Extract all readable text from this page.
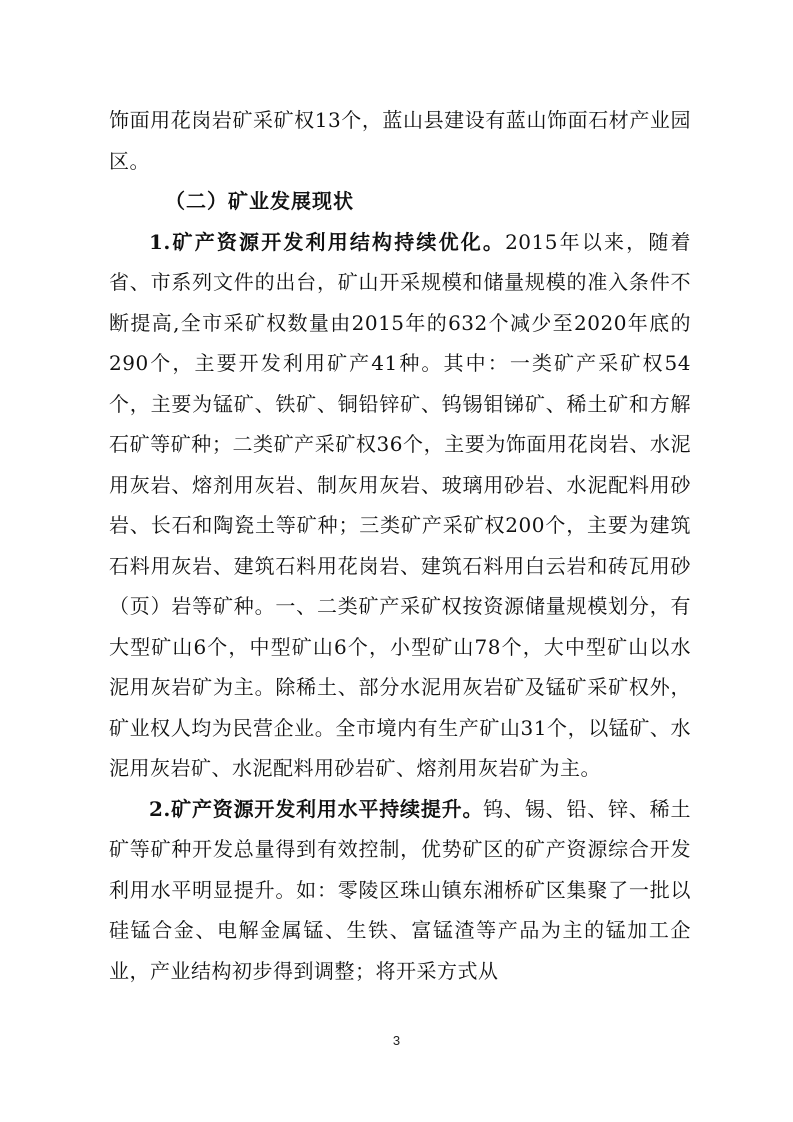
饰面用花岗岩矿采矿权13个，蓝山县建设有蓝山饰面石材产业园区。

（二）矿业发展现状

1.矿产资源开发利用结构持续优化。2015年以来，随着省、市系列文件的出台，矿山开采规模和储量规模的准入条件不断提高,全市采矿权数量由2015年的632个减少至2020年底的290个，主要开发利用矿产41种。其中：一类矿产采矿权54个，主要为锰矿、铁矿、铜铅锌矿、钨锡钼锑矿、稀土矿和方解石矿等矿种；二类矿产采矿权36个，主要为饰面用花岗岩、水泥用灰岩、熔剂用灰岩、制灰用灰岩、玻璃用砂岩、水泥配料用砂岩、长石和陶瓷土等矿种；三类矿产采矿权200个，主要为建筑石料用灰岩、建筑石料用花岗岩、建筑石料用白云岩和砖瓦用砂（页）岩等矿种。一、二类矿产采矿权按资源储量规模划分，有大型矿山6个，中型矿山6个，小型矿山78个，大中型矿山以水泥用灰岩矿为主。除稀土、部分水泥用灰岩矿及锰矿采矿权外，矿业权人均为民营企业。全市境内有生产矿山31个，以锰矿、水泥用灰岩矿、水泥配料用砂岩矿、熔剂用灰岩矿为主。

2.矿产资源开发利用水平持续提升。钨、锡、铅、锌、稀土矿等矿种开发总量得到有效控制，优势矿区的矿产资源综合开发利用水平明显提升。如：零陵区珠山镇东湘桥矿区集聚了一批以硅锰合金、电解金属锰、生铁、富锰渣等产品为主的锰加工企业，产业结构初步得到调整；将开采方式从

3
